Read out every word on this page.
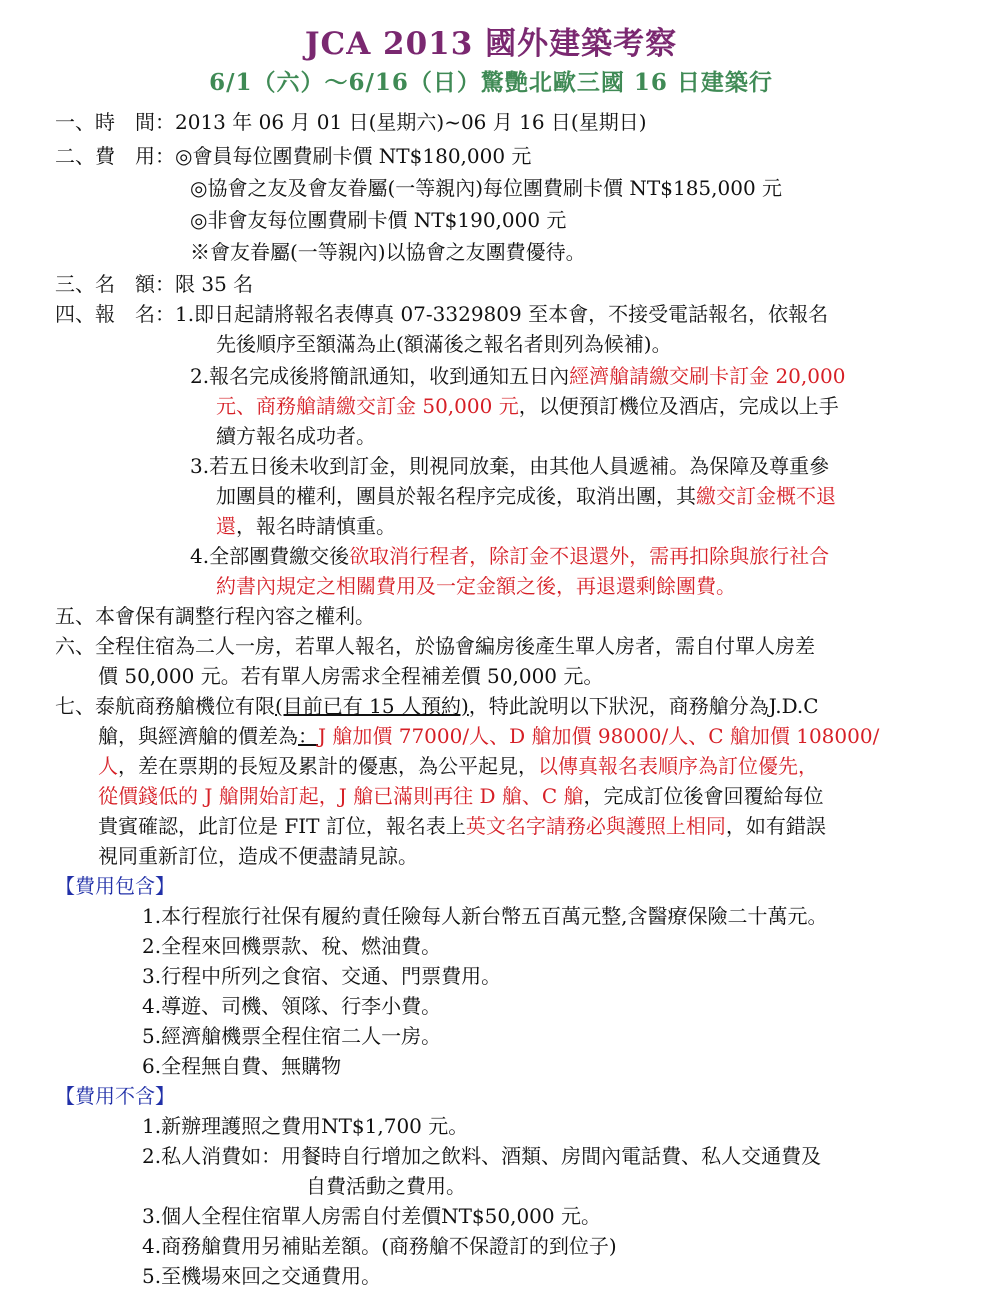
JCA 2013 國外建築考察
6/1（六）～6/16（日）驚艷北歐三國 16 日建築行
一、時　間：2013 年 06 月 01 日(星期六)~06 月 16 日(星期日)
二、費　用：◎會員每位團費刷卡價 NT$180,000 元
◎協會之友及會友眷屬(一等親內)每位團費刷卡價 NT$185,000 元
◎非會友每位團費刷卡價 NT$190,000 元
※會友眷屬(一等親內)以協會之友團費優待。
三、名　額：限 35 名
四、報　名：1.即日起請將報名表傳真 07-3329809 至本會，不接受電話報名，依報名
先後順序至額滿為止(額滿後之報名者則列為候補)。
2.報名完成後將簡訊通知，收到通知五日內經濟艙請繳交刷卡訂金 20,000
元、商務艙請繳交訂金 50,000 元，以便預訂機位及酒店，完成以上手
續方報名成功者。
3.若五日後未收到訂金，則視同放棄，由其他人員遞補。為保障及尊重參
加團員的權利，團員於報名程序完成後，取消出團，其繳交訂金概不退
還，報名時請慎重。
4.全部團費繳交後欲取消行程者，除訂金不退還外，需再扣除與旅行社合
約書內規定之相關費用及一定金額之後，再退還剩餘團費。
五、本會保有調整行程內容之權利。
六、全程住宿為二人一房，若單人報名，於協會編房後產生單人房者，需自付單人房差
價 50,000 元。若有單人房需求全程補差價 50,000 元。
七、泰航商務艙機位有限(目前已有 15 人預約)，特此說明以下狀況，商務艙分為J.D.C
艙，與經濟艙的價差為：J 艙加價 77000/人、D 艙加價 98000/人、C 艙加價 108000/
人，差在票期的長短及累計的優惠，為公平起見，以傳真報名表順序為訂位優先，
從價錢低的 J 艙開始訂起，J 艙已滿則再往 D 艙、C 艙，完成訂位後會回覆給每位
貴賓確認，此訂位是 FIT 訂位，報名表上英文名字請務必與護照上相同，如有錯誤
視同重新訂位，造成不便盡請見諒。
【費用包含】
1.本行程旅行社保有履約責任險每人新台幣五百萬元整,含醫療保險二十萬元。
2.全程來回機票款、稅、燃油費。
3.行程中所列之食宿、交通、門票費用。
4.導遊、司機、領隊、行李小費。
5.經濟艙機票全程住宿二人一房。
6.全程無自費、無購物
【費用不含】
1.新辦理護照之費用NT$1,700 元。
2.私人消費如：用餐時自行增加之飲料、酒類、房間內電話費、私人交通費及
自費活動之費用。
3.個人全程住宿單人房需自付差價NT$50,000 元。
4.商務艙費用另補貼差額。(商務艙不保證訂的到位子)
5.至機場來回之交通費用。
